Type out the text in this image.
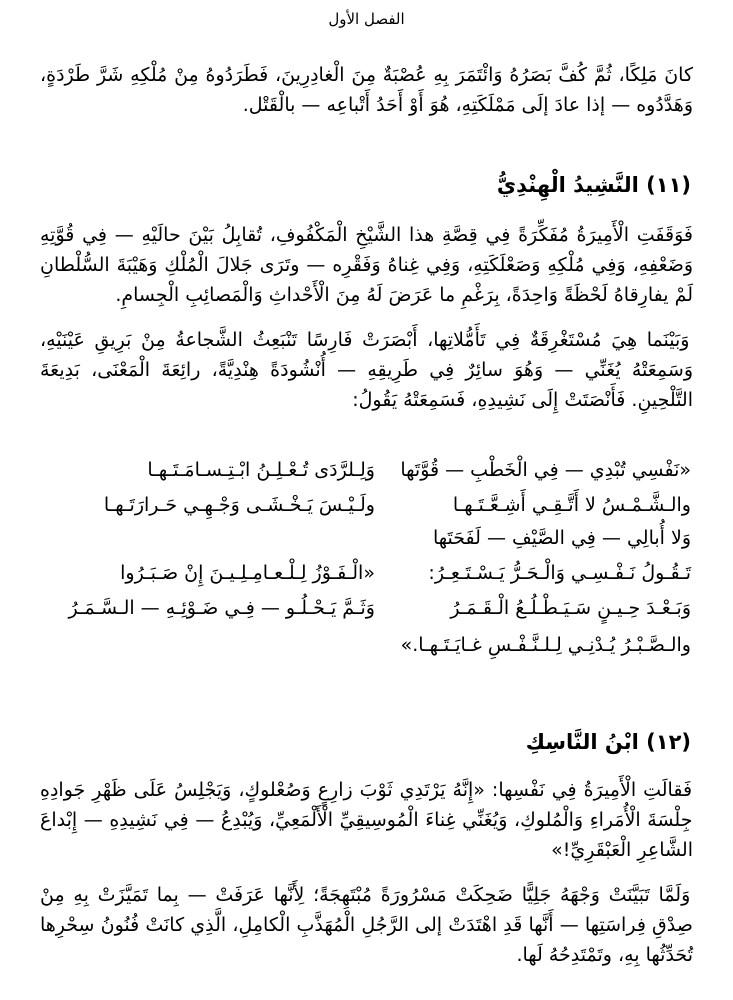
الفصل الأول

كانَ مَلِكًا، ثُمَّ كُفَّ بَصَرُهُ وَائْتَمَرَ بِهِ عُصْبَةٌ مِنَ الْغادِرِينَ، فَطَرَدُوهُ مِنْ مُلْكِهِ شَرَّ طَرْدَةٍ، وَهَدَّدُوه — إذا عادَ إلَى مَمْلَكَتِهِ، هُوَ أَوْ أَحَدُ أَتْباعِه — بالْقَتْل.

(١١) النَّشِيدُ الْهِنْدِيُّ

فَوَقَفَتِ الْأَمِيرَةُ مُفَكِّرَةً فِي قِصَّةِ هذا الشَّيْخِ الْمَكْفُوفِ، تُقابِلُ بَيْنَ حالَيْهِ — فِي قُوَّتِهِ وَضَعْفِهِ، وَفِي مُلْكِهِ وَصَعْلَكَتِهِ، وَفِي غِناهُ وَفَقْرِه — وتَرَى جَلالَ الْمُلْكِ وَهَيْبَةَ السُّلْطانِ لَمْ يفارِقاهُ لَحْظَةً وَاحِدَةً، بِرَغْمِ ما عَرَضَ لَهُ مِنَ الْأَحْداثِ وَالْمَصائِبِ الْجِسامِ.

وَبَيْنَما هِيَ مُسْتَغْرِقَةٌ فِي تَأَمُّلاتِها، أَبْصَرَتْ فَارِسًا تَنْبَعِثُ الشَّجاعةُ مِنْ بَرِيقِ عَيْنَيْهِ، وَسَمِعَتْهُ يُغَنِّي — وَهُوَ سائِرٌ فِي طَرِيقِهِ — أُنْشُودَةً هِنْدِيَّةً، رائِعَةَ الْمَعْنَى، بَدِيعَةَ التَّلْحِينِ. فَأَنْصَتَتْ إِلَى نَشِيدِهِ، فَسَمِعَتْهُ يَقُولُ:

«نَفْسِي تُبْدِي — فِي الْخَطْبِ — قُوَّتَها وَلِـلرَّدَى تُـعْـلِـنُ ابْـتِـسـامَـتَـهـا
والـشَّـمْـسُ لا أَتَّـقِـي أَشِـعَّـتَـهـا ولَـيْـسَ يَـخْـشَـى وَجْـهِـي حَـرارَتَـهـا
وَلا أُبالِي — فِي الصَّيْفِ — لَفَحَتَها
تَـقُـولُ نَـفْـسِـي وَالْـحَـرُّ يَـسْـتَـعِـرُ: «الْـفَـوْزُ لِـلْـعـامِـلِـيـنَ إِنْ صَـبَـرُوا
وَبَـعْـدَ حِـيـنٍ سَـيَـطْـلُـعُ الْـقَـمَـرُ وَثَـمَّ يَـحْـلُـو — فِـي ضَـوْئِـهِ — الـسَّـمَـرُ
والـصَّـبْـرُ يُـدْنِـي لِـلـنَّـفْـسِ غـايَـتَـهـا.»
(١٢) ابْنُ النَّاسِكِ

فَقالَتِ الْأَمِيرَةُ فِي نَفْسِها: «إِنَّهُ يَرْتَدِي ثَوْبَ زارِعٍ وَصُعْلوكٍ، وَيَجْلِسُ عَلَى ظَهْرِ جَوادِهِ جِلْسَةَ الْأُمَراءِ وَالْمُلوكِ، وَيُغَنِّي غِناءَ الْمُوسِيقِيِّ الْأَلْمَعِيِّ، وَيُبْدِعُ — فِي نَشِيدِهِ — إِبْداعَ الشَّاعِرِ الْعَبْقَرِيِّ!»

وَلَمَّا تَبَيَّنَتْ وَجْهَهُ جَلِيًّا ضَحِكَتْ مَسْرُورَةً مُبْتَهِجَةً؛ لِأَنَّها عَرَفَتْ — بِما تَمَيَّزَتْ بِهِ مِنْ صِدْقِ فِراسَتِها — أَنَّها قَدِ اهْتَدَتْ إلى الرَّجُلِ الْمُهَذَّبِ الْكامِلِ، الَّذِي كانَتْ فُنُونُ سِحْرِها تُحَدِّثُها بِهِ، وتَمْتَدِحُهُ لَها.
